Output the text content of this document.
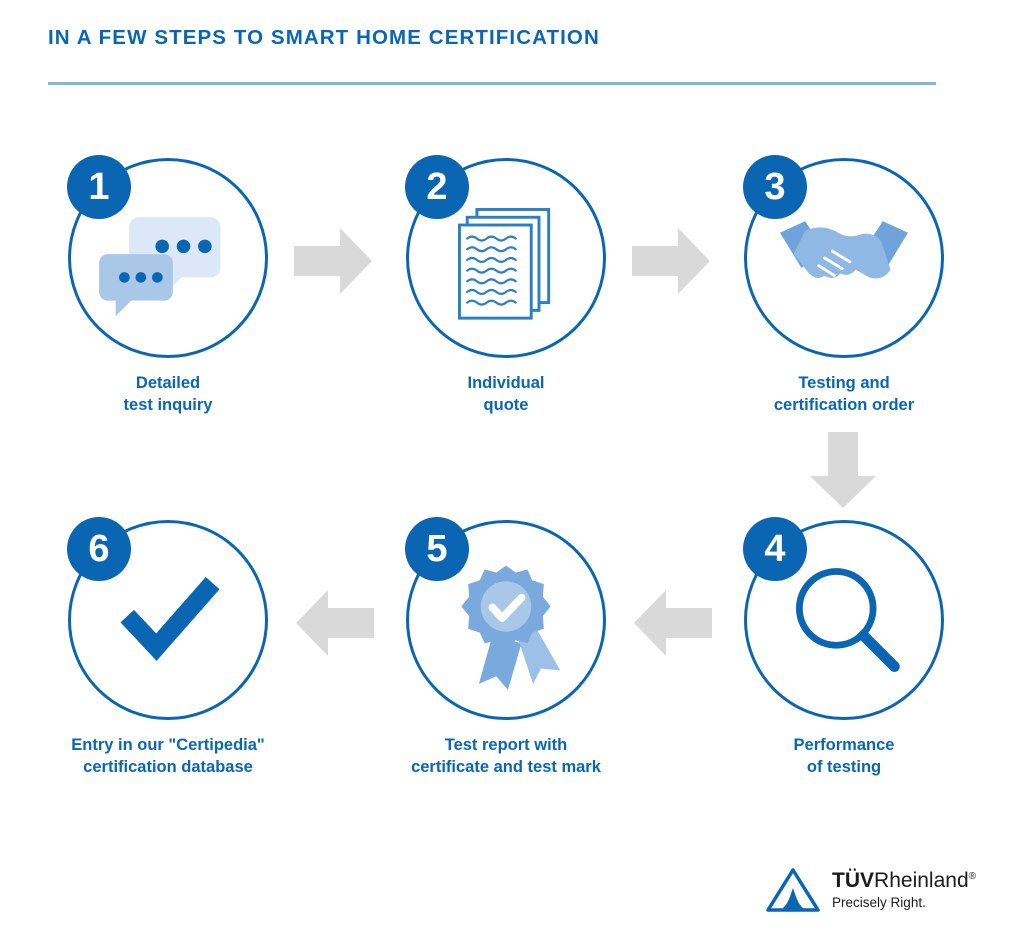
IN A FEW STEPS TO SMART HOME CERTIFICATION
1
Detailed
test inquiry
2
Individual
quote
3
Testing and
certification order
4
Performance
of testing
5
Test report with
certificate and test mark
6
Entry in our "Certipedia"
certification database
TÜVRheinland®
Precisely Right.
